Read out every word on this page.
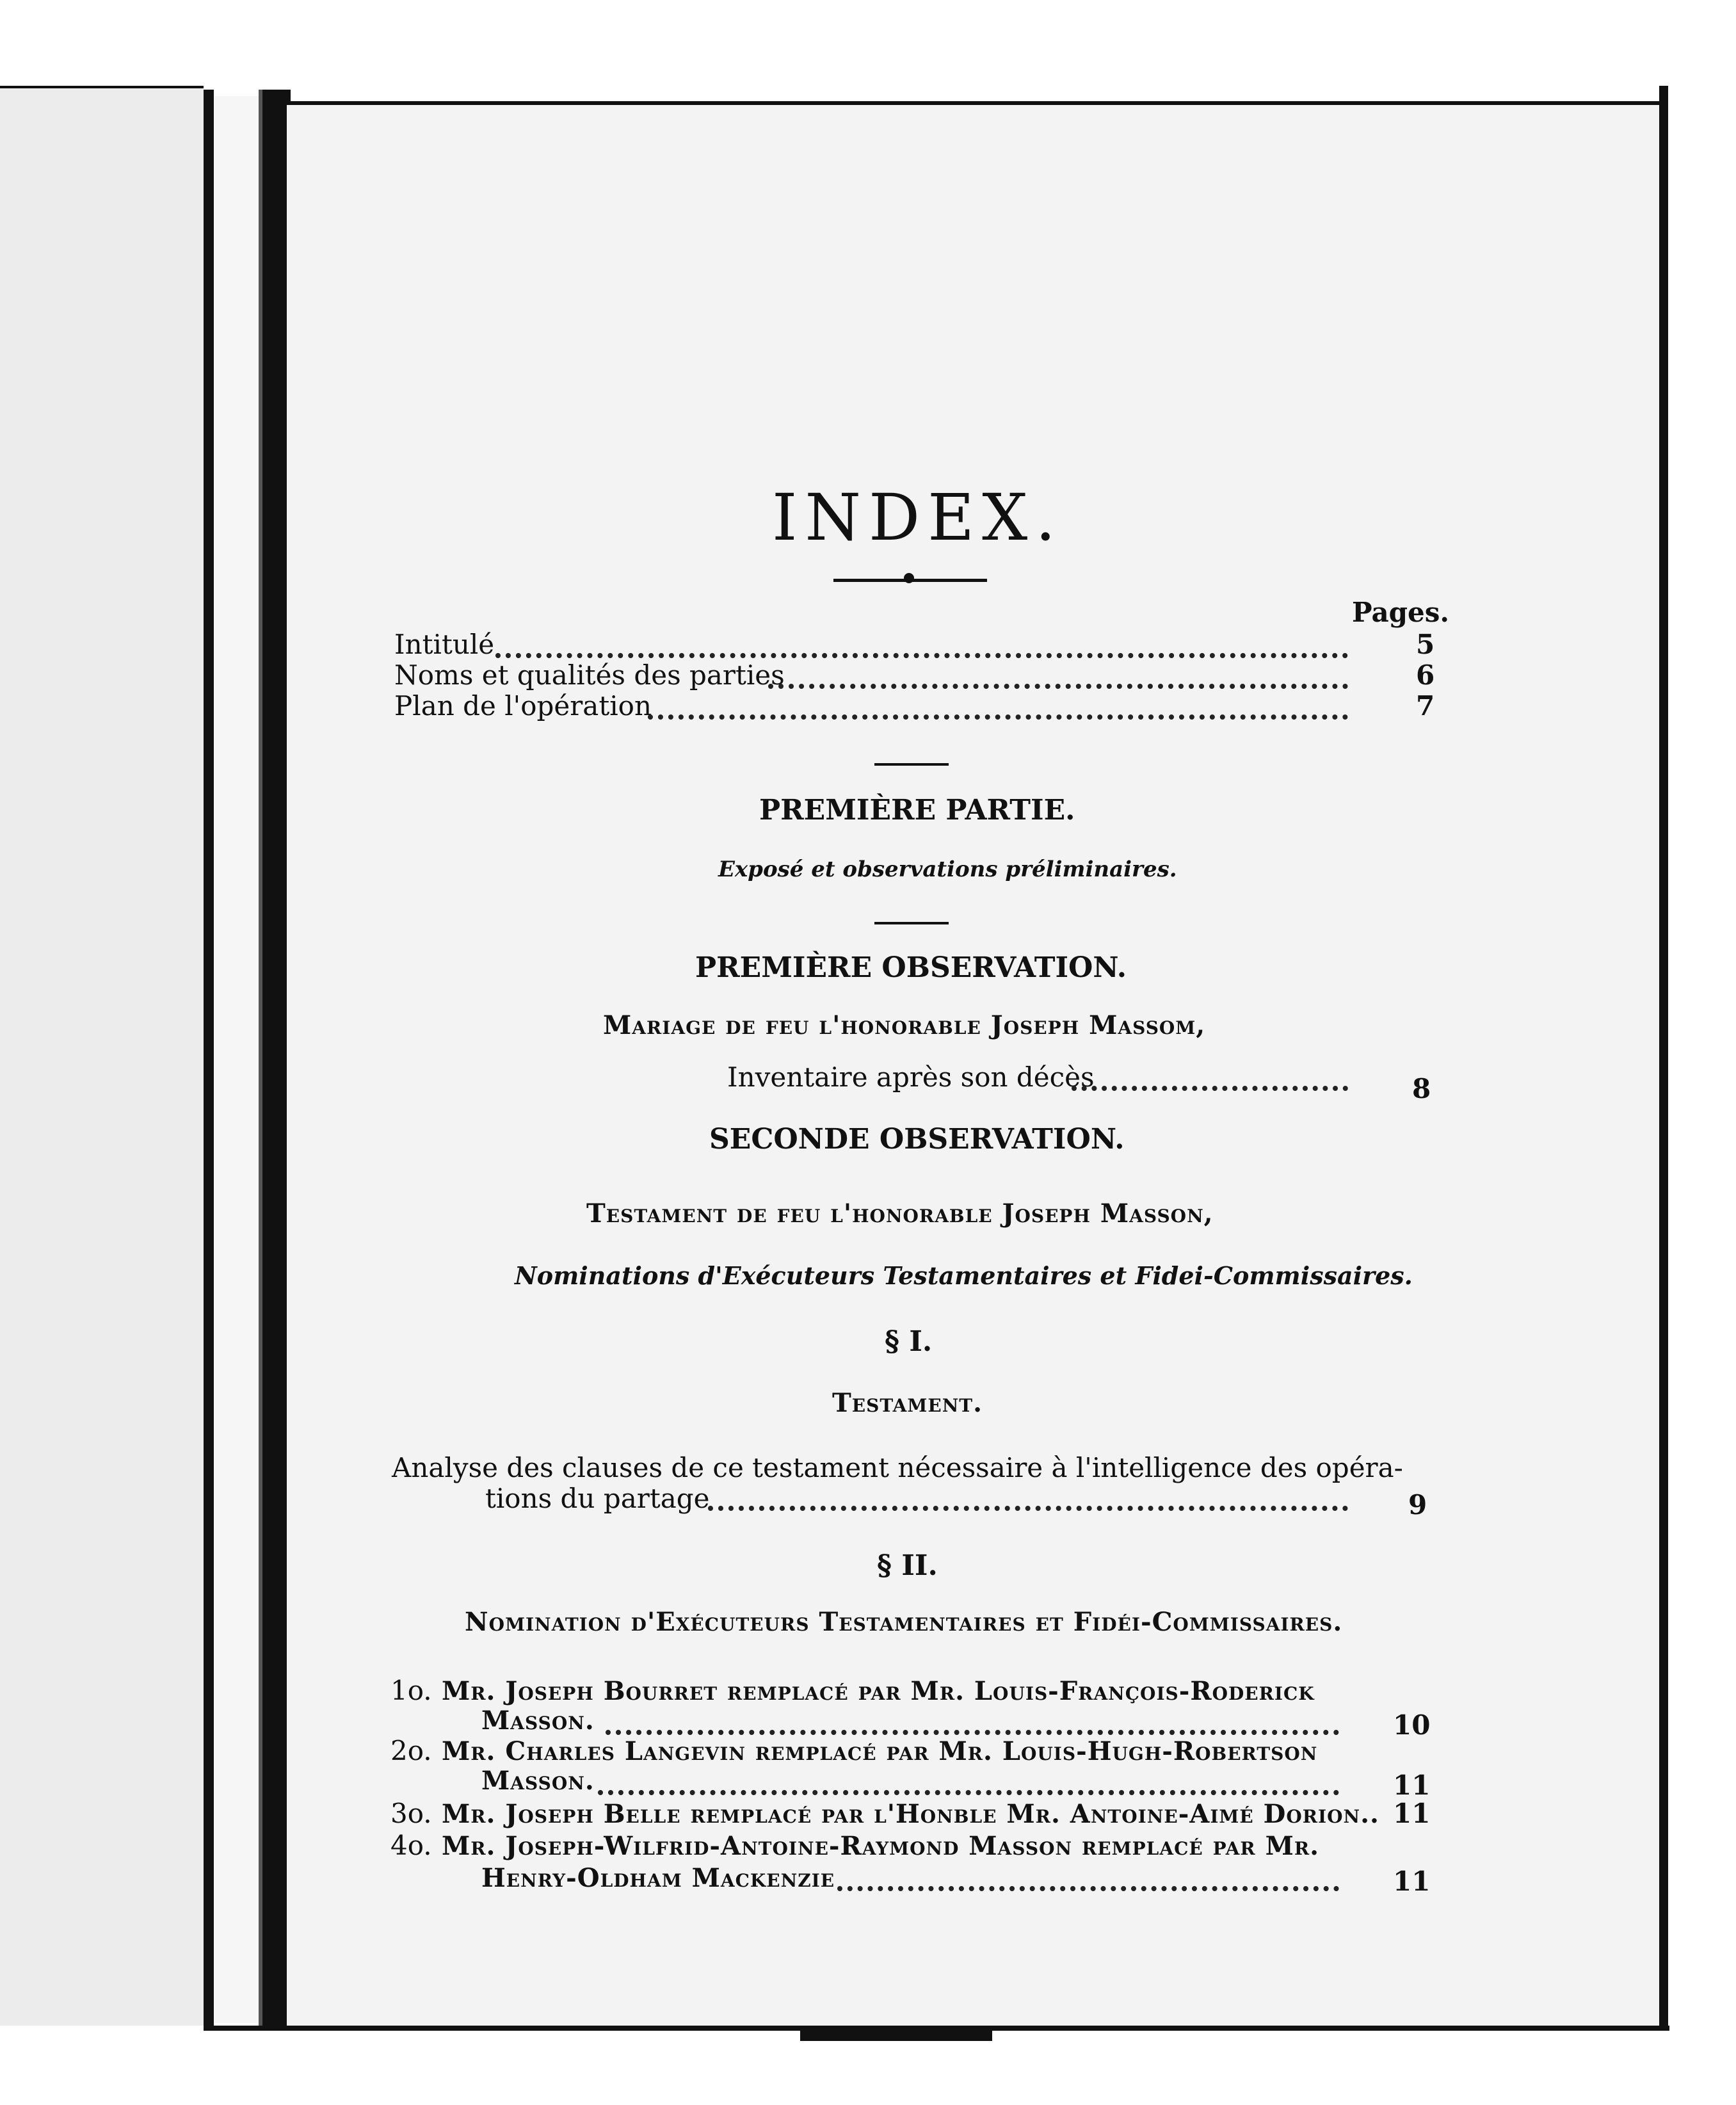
INDEX.
Pages.
Intitulé	5
Noms et qualités des parties	6
Plan de l'opération	7
PREMIÈRE PARTIE.
Exposé et observations préliminaires.
PREMIÈRE OBSERVATION.
Mariage de feu l'honorable Joseph Massom,
Inventaire après son décès	8
SECONDE OBSERVATION.
Testament de feu l'honorable Joseph Masson,
Nominations d'Exécuteurs Testamentaires et Fidei-Commissaires.
§ I.
Testament.
Analyse des clauses de ce testament nécessaire à l'intelligence des opéra-
tions du partage	9
§ II.
Nomination d'Exécuteurs Testamentaires et Fidéi-Commissaires.
1o. Mr. Joseph Bourret remplacé par Mr. Louis-François-Roderick
Masson.	10
2o. Mr. Charles Langevin remplacé par Mr. Louis-Hugh-Robertson
Masson.	11
3o. Mr. Joseph Belle remplacé par l'Honble Mr. Antoine-Aimé Dorion.. 11
4o. Mr. Joseph-Wilfrid-Antoine-Raymond Masson remplacé par Mr.
Henry-Oldham Mackenzie	11
